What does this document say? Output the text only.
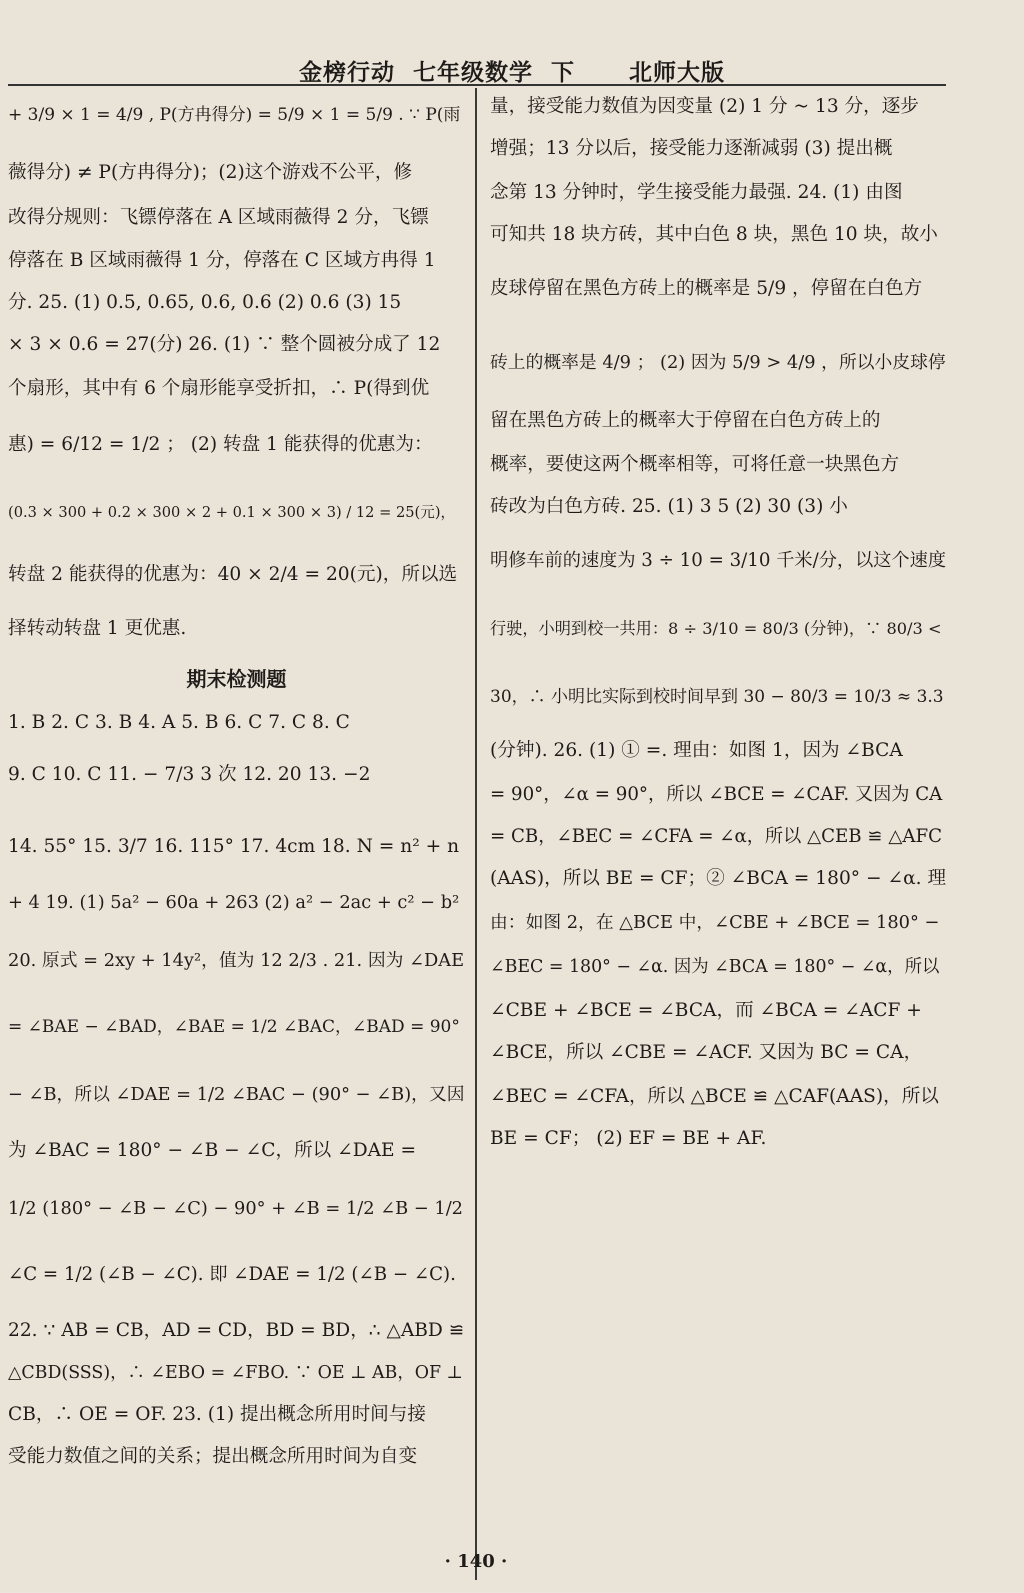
金榜行动  七年级数学  下      北师大版
+ 3/9 × 1 = 4/9 , P(方冉得分) = 5/9 × 1 = 5/9 . ∵ P(雨
薇得分) ≠ P(方冉得分)；(2)这个游戏不公平，修
改得分规则：飞镖停落在 A 区域雨薇得 2 分，飞镖
停落在 B 区域雨薇得 1 分，停落在 C 区域方冉得 1
分. 25. (1) 0.5, 0.65, 0.6, 0.6 (2) 0.6 (3) 15
× 3 × 0.6 = 27(分) 26. (1) ∵ 整个圆被分成了 12
个扇形，其中有 6 个扇形能享受折扣，∴ P(得到优
惠) = 6/12 = 1/2 ； (2) 转盘 1 能获得的优惠为：
(0.3 × 300 + 0.2 × 300 × 2 + 0.1 × 300 × 3) / 12 = 25(元)，
转盘 2 能获得的优惠为：40 × 2/4 = 20(元)，所以选
择转动转盘 1 更优惠.
期末检测题
1. B 2. C 3. B 4. A 5. B 6. C 7. C 8. C
9. C 10. C 11. − 7/3 3 次 12. 20 13. −2
14. 55° 15. 3/7 16. 115° 17. 4cm 18. N = n² + n
+ 4 19. (1) 5a² − 60a + 263 (2) a² − 2ac + c² − b²
20. 原式 = 2xy + 14y²，值为 12 2/3 . 21. 因为 ∠DAE
= ∠BAE − ∠BAD，∠BAE = 1/2 ∠BAC，∠BAD = 90°
− ∠B，所以 ∠DAE = 1/2 ∠BAC − (90° − ∠B)，又因
为 ∠BAC = 180° − ∠B − ∠C，所以 ∠DAE =
1/2 (180° − ∠B − ∠C) − 90° + ∠B = 1/2 ∠B − 1/2
∠C = 1/2 (∠B − ∠C). 即 ∠DAE = 1/2 (∠B − ∠C).
22. ∵ AB = CB，AD = CD，BD = BD，∴ △ABD ≌
△CBD(SSS)，∴ ∠EBO = ∠FBO. ∵ OE ⊥ AB，OF ⊥
CB，∴ OE = OF. 23. (1) 提出概念所用时间与接
受能力数值之间的关系；提出概念所用时间为自变
量，接受能力数值为因变量 (2) 1 分 ~ 13 分，逐步
增强；13 分以后，接受能力逐渐减弱 (3) 提出概
念第 13 分钟时，学生接受能力最强. 24. (1) 由图
可知共 18 块方砖，其中白色 8 块，黑色 10 块，故小
皮球停留在黑色方砖上的概率是 5/9 ，停留在白色方
砖上的概率是 4/9 ； (2) 因为 5/9 > 4/9 ，所以小皮球停
留在黑色方砖上的概率大于停留在白色方砖上的
概率，要使这两个概率相等，可将任意一块黑色方
砖改为白色方砖. 25. (1) 3 5 (2) 30 (3) 小
明修车前的速度为 3 ÷ 10 = 3/10 千米/分，以这个速度
行驶，小明到校一共用：8 ÷ 3/10 = 80/3 (分钟)，∵ 80/3 <
30，∴ 小明比实际到校时间早到 30 − 80/3 = 10/3 ≈ 3.3
(分钟). 26. (1) ① =. 理由：如图 1，因为 ∠BCA
= 90°，∠α = 90°，所以 ∠BCE = ∠CAF. 又因为 CA
= CB，∠BEC = ∠CFA = ∠α，所以 △CEB ≌ △AFC
(AAS)，所以 BE = CF；② ∠BCA = 180° − ∠α. 理
由：如图 2，在 △BCE 中，∠CBE + ∠BCE = 180° −
∠BEC = 180° − ∠α. 因为 ∠BCA = 180° − ∠α，所以
∠CBE + ∠BCE = ∠BCA，而 ∠BCA = ∠ACF +
∠BCE，所以 ∠CBE = ∠ACF. 又因为 BC = CA，
∠BEC = ∠CFA，所以 △BCE ≌ △CAF(AAS)，所以
BE = CF； (2) EF = BE + AF.
· 140 ·
